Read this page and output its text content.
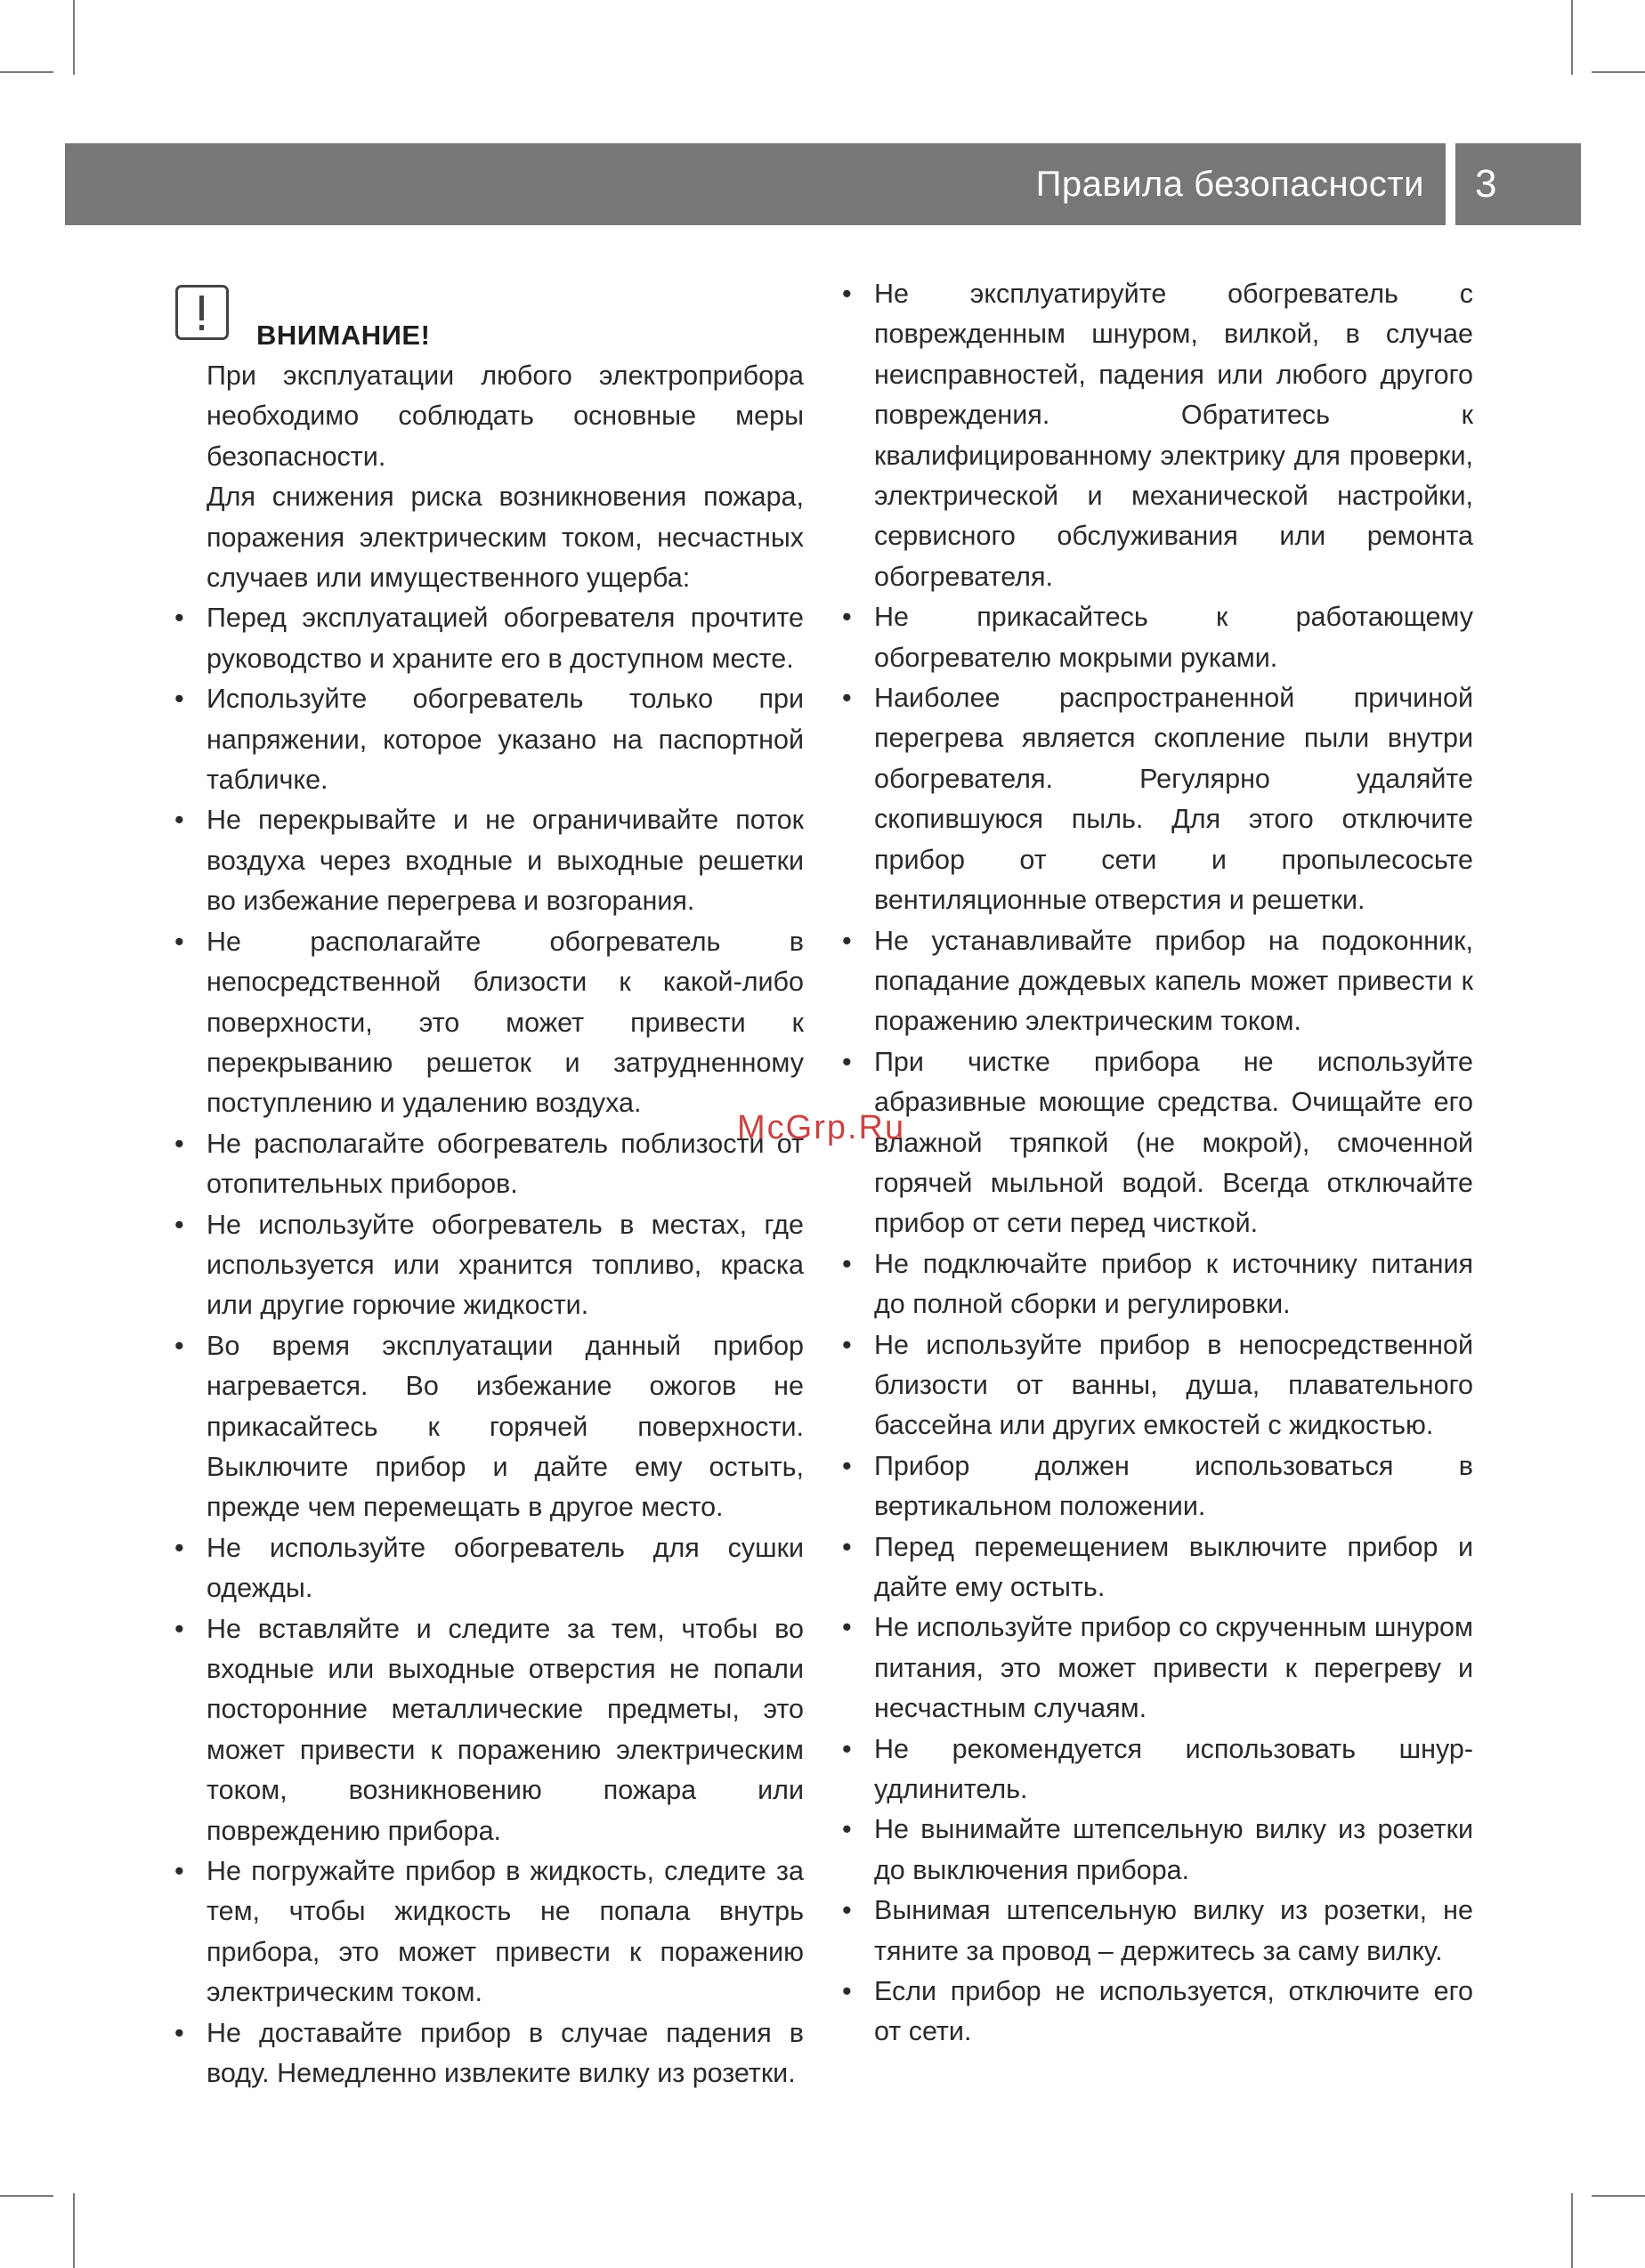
Правила безопасности	3
ВНИМАНИЕ!

При эксплуатации любого электроприбора необходимо соблюдать основные меры безопасности.

Для снижения риска возникновения пожара, поражения электрическим током, несчастных случаев или имущественного ущерба:

• Перед эксплуатацией обогревателя прочтите руководство и храните его в доступном месте.
• Используйте обогреватель только при напряжении, которое указано на паспортной табличке.
• Не перекрывайте и не ограничивайте поток воздуха через входные и выходные решетки во избежание перегрева и возгорания.
• Не располагайте обогреватель в непосредственной близости к какой-либо поверхности, это может привести к перекрыванию решеток и затрудненному поступлению и удалению воздуха.
• Не располагайте обогреватель поблизости от отопительных приборов.
• Не используйте обогреватель в местах, где используется или хранится топливо, краска или другие горючие жидкости.
• Во время эксплуатации данный прибор нагревается. Во избежание ожогов не прикасайтесь к горячей поверхности. Выключите прибор и дайте ему остыть, прежде чем перемещать в другое место.
• Не используйте обогреватель для сушки одежды.
• Не вставляйте и следите за тем, чтобы во входные или выходные отверстия не попали посторонние металлические предметы, это может привести к поражению электрическим током, возникновению пожара или повреждению прибора.
• Не погружайте прибор в жидкость, следите за тем, чтобы жидкость не попала внутрь прибора, это может привести к поражению электрическим током.
• Не доставайте прибор в случае падения в воду. Немедленно извлеките вилку из розетки.
• Не эксплуатируйте обогреватель с поврежденным шнуром, вилкой, в случае неисправностей, падения или любого другого повреждения. Обратитесь к квалифицированному электрику для проверки, электрической и механической настройки, сервисного обслуживания или ремонта обогревателя.
• Не прикасайтесь к работающему обогревателю мокрыми руками.
• Наиболее распространенной причиной перегрева является скопление пыли внутри обогревателя. Регулярно удаляйте скопившуюся пыль. Для этого отключите прибор от сети и пропылесосьте вентиляционные отверстия и решетки.
• Не устанавливайте прибор на подоконник, попадание дождевых капель может привести к поражению электрическим током.
• При чистке прибора не используйте абразивные моющие средства. Очищайте его влажной тряпкой (не мокрой), смоченной горячей мыльной водой. Всегда отключайте прибор от сети перед чисткой.
• Не подключайте прибор к источнику питания до полной сборки и регулировки.
• Не используйте прибор в непосредственной близости от ванны, душа, плавательного бассейна или других емкостей с жидкостью.
• Прибор должен использоваться в вертикальном положении.
• Перед перемещением выключите прибор и дайте ему остыть.
• Не используйте прибор со скрученным шнуром питания, это может привести к перегреву и несчастным случаям.
• Не рекомендуется использовать шнур-удлинитель.
• Не вынимайте штепсельную вилку из розетки до выключения прибора.
• Вынимая штепсельную вилку из розетки, не тяните за провод – держитесь за саму вилку.
• Если прибор не используется, отключите его от сети.
McGrp.Ru
